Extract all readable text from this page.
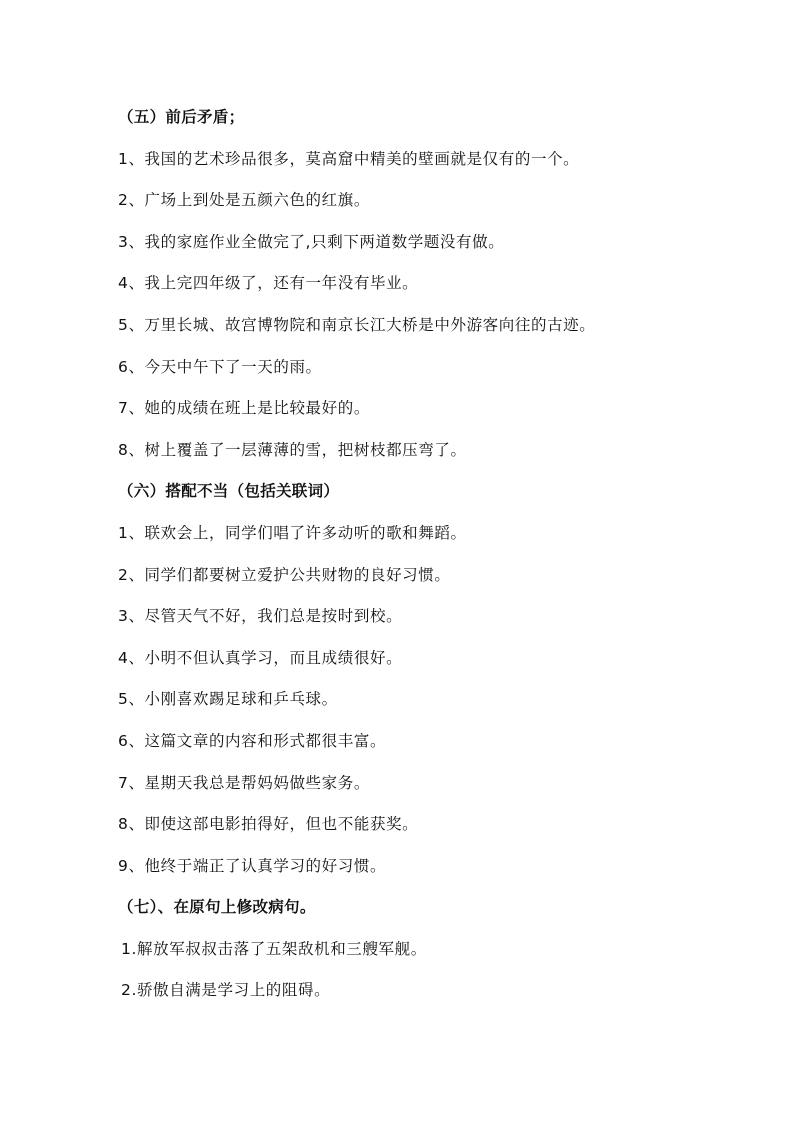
（五）前后矛盾；
1、我国的艺术珍品很多，莫高窟中精美的壁画就是仅有的一个。
2、广场上到处是五颜六色的红旗。
3、我的家庭作业全做完了,只剩下两道数学题没有做。
4、我上完四年级了，还有一年没有毕业。
5、万里长城、故宫博物院和南京长江大桥是中外游客向往的古迹。
6、今天中午下了一天的雨。
7、她的成绩在班上是比较最好的。
8、树上覆盖了一层薄薄的雪，把树枝都压弯了。
（六）搭配不当（包括关联词）
1、联欢会上，同学们唱了许多动听的歌和舞蹈。
2、同学们都要树立爱护公共财物的良好习惯。
3、尽管天气不好，我们总是按时到校。
4、小明不但认真学习，而且成绩很好。
5、小刚喜欢踢足球和乒乓球。
6、这篇文章的内容和形式都很丰富。
7、星期天我总是帮妈妈做些家务。
8、即使这部电影拍得好，但也不能获奖。
9、他终于端正了认真学习的好习惯。
（七）、在原句上修改病句。
1.解放军叔叔击落了五架敌机和三艘军舰。
2.骄傲自满是学习上的阻碍。
